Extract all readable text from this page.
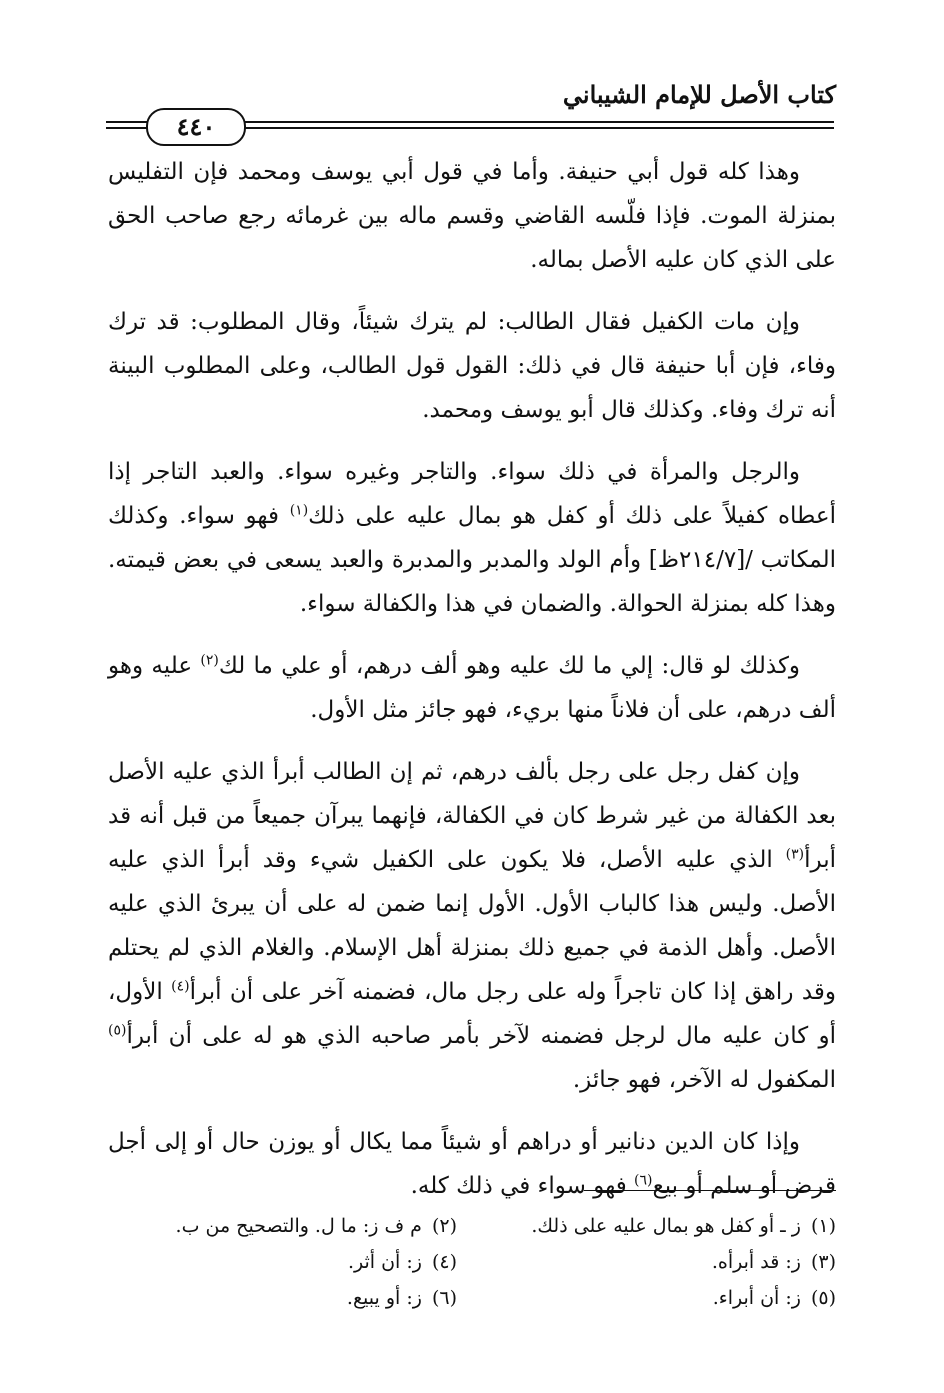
كتاب الأصل للإمام الشيباني
٤٤٠

وهذا كله قول أبي حنيفة. وأما في قول أبي يوسف ومحمد فإن التفليس بمنزلة الموت. فإذا فلّسه القاضي وقسم ماله بين غرمائه رجع صاحب الحق على الذي كان عليه الأصل بماله.

وإن مات الكفيل فقال الطالب: لم يترك شيئاً، وقال المطلوب: قد ترك وفاء، فإن أبا حنيفة قال في ذلك: القول قول الطالب، وعلى المطلوب البينة أنه ترك وفاء. وكذلك قال أبو يوسف ومحمد.

والرجل والمرأة في ذلك سواء. والتاجر وغيره سواء. والعبد التاجر إذا أعطاه كفيلاً على ذلك أو كفل هو بمال عليه على ذلك$^{(١)}$ فهو سواء. وكذلك المكاتب /[٢١٤/٧ظ] وأم الولد والمدبر والمدبرة والعبد يسعى في بعض قيمته. وهذا كله بمنزلة الحوالة. والضمان في هذا والكفالة سواء.

وكذلك لو قال: إلي ما لك عليه وهو ألف درهم، أو علي ما لك$^{(٢)}$ عليه وهو ألف درهم، على أن فلاناً منها بريء، فهو جائز مثل الأول.

وإن كفل رجل على رجل بألف درهم، ثم إن الطالب أبرأ الذي عليه الأصل بعد الكفالة من غير شرط كان في الكفالة، فإنهما يبرآن جميعاً من قبل أنه قد أبرأ$^{(٣)}$ الذي عليه الأصل، فلا يكون على الكفيل شيء وقد أبرأ الذي عليه الأصل. وليس هذا كالباب الأول. الأول إنما ضمن له على أن يبرئ الذي عليه الأصل. وأهل الذمة في جميع ذلك بمنزلة أهل الإسلام. والغلام الذي لم يحتلم وقد راهق إذا كان تاجراً وله على رجل مال، فضمنه آخر على أن أبرأ$^{(٤)}$ الأول، أو كان عليه مال لرجل فضمنه لآخر بأمر صاحبه الذي هو له على أن أبرأ$^{(٥)}$ المكفول له الآخر، فهو جائز.

وإذا كان الدين دنانير أو دراهم أو شيئاً مما يكال أو يوزن حال أو إلى أجل قرض أو سلم أو بيع$^{(٦)}$ فهو سواء في ذلك كله.

(١)ز ـ أو كفل هو بمال عليه على ذلك.
(٢)م ف ز: ما ل. والتصحيح من ب.
(٣)ز: قد أبرأه.
(٤)ز: أن أثر.
(٥)ز: أن أبراء.
(٦)ز: أو يبيع.
